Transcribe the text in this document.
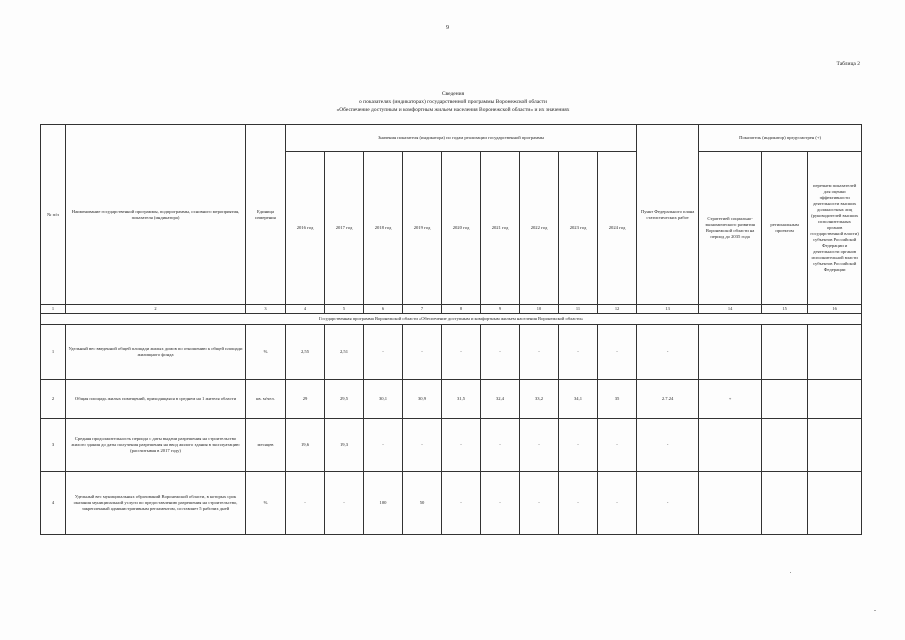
9
Таблица 2
Сведения
о показателях (индикаторах) государственной программы Воронежской области
«Обеспечение доступным и комфортным жильем населения Воронежской области» и их значениях
№ п/п	Наименование государственной программы, подпрограммы, основного мероприятия, показателя (индикатора)	Единица измерения	Значения показателя (индикатора) по годам реализации государственной программы									Пункт Федерального плана статистических работ	Показатель (индикатор) предусмотрен (+)		
			2016 год	2017 год	2018 год	2019 год	2020 год	2021 год	2022 год	2023 год	2024 год		Стратегией социально-экономического развития Воронежской области на период до 2035 года	региональным проектом	перечнем показателей для оценки эффективности деятельности высших должностных лиц (руководителей высших исполнительных органов государственной власти) субъектов Российской Федерации и деятельности органов исполнительной власти субъектов Российской Федерации
1	2	3	4	5	6	7	8	9	10	11	12	13	14	15	16
Государственная программа Воронежской области «Обеспечение доступным и комфортным жильем населения Воронежской области»															
1	Удельный вес введенной общей площади жилых домов по отношению к общей площади жилищного фонда	%	2,55	2,51	-	-	-	-	-	-	-	-			
2	Общая площадь жилых помещений, приходящаяся в среднем на 1 жителя области	кв. м/чел.	29	29,5	30,1	30,9	31,5	32,4	33,2	34,1	35	2.7.24	+		
3	Средняя продолжительность периода с даты выдачи разрешения на строительство жилого здания до даты получения разрешения на ввод жилого здания в эксплуатацию (рассчитывая в 2017 году)	месяцев	19,6	19,3	-	-	-	-	-	-	-	-			
4	Удельный вес муниципальных образований Воронежской области, в которых срок оказания муниципальной услуги по предоставлению разрешения на строительство, закрепленный административным регламентом, составляет 5 рабочих дней	%	-	-	100	50	-	-	-	-	-	-			
